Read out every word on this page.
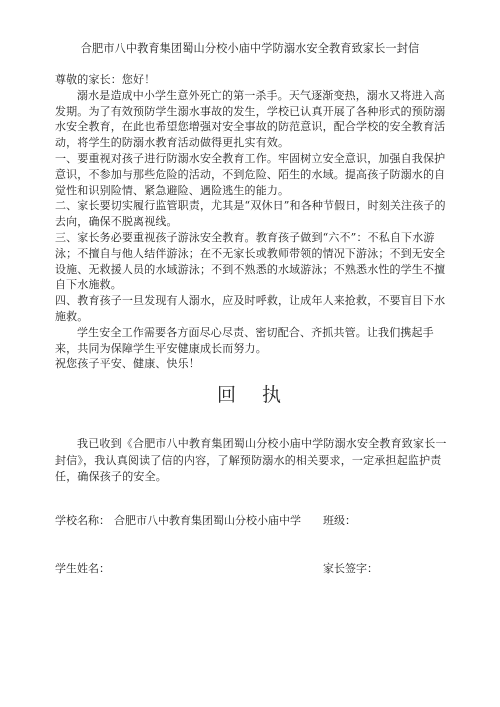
合肥市八中教育集团蜀山分校小庙中学防溺水安全教育致家长一封信

尊敬的家长：您好！

溺水是造成中小学生意外死亡的第一杀手。天气逐渐变热，溺水又将进入高发期。为了有效预防学生溺水事故的发生，学校已认真开展了各种形式的预防溺水安全教育，在此也希望您增强对安全事故的防范意识，配合学校的安全教育活动，将学生的防溺水教育活动做得更扎实有效。

一、要重视对孩子进行防溺水安全教育工作。牢固树立安全意识，加强自我保护意识，不参加与那些危险的活动，不到危险、陌生的水域。提高孩子防溺水的自觉性和识别险情、紧急避险、遇险逃生的能力。

二、家长要切实履行监管职责，尤其是“双休日”和各种节假日，时刻关注孩子的去向，确保不脱离视线。

三、家长务必要重视孩子游泳安全教育。教育孩子做到“六不”：不私自下水游泳；不擅自与他人结伴游泳；在不无家长或教师带领的情况下游泳；不到无安全设施、无救援人员的水域游泳；不到不熟悉的水域游泳；不熟悉水性的学生不擅自下水施救。

四、教育孩子一旦发现有人溺水，应及时呼救，让成年人来抢救，不要盲目下水施救。

学生安全工作需要各方面尽心尽责、密切配合、齐抓共管。让我们携起手来，共同为保障学生平安健康成长而努力。

祝您孩子平安、健康、快乐！

回 执
我已收到《合肥市八中教育集团蜀山分校小庙中学防溺水安全教育致家长一封信》，我认真阅读了信的内容，了解预防溺水的相关要求，一定承担起监护责任，确保孩子的安全。
学校名称： 合肥市八中教育集团蜀山分校小庙中学 班级：
学生姓名：	家长签字：
